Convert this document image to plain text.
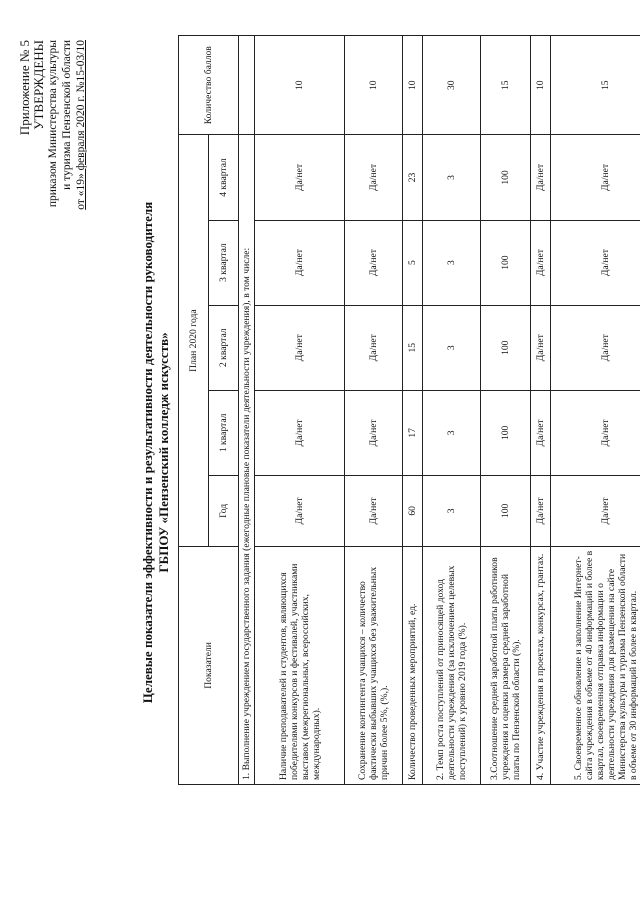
Приложение № 5 УТВЕРЖДЕНЫ приказом Министерства культуры и туризма Пензенской области от «19» февраля 2020 г. №15-03/10
Целевые показатели эффективности и результативности деятельности руководителя ГБПОУ «Пензенский колледж искусств»
Показатели	План 2020 года					Количество баллов
	Год	1 квартал	2 квартал	3 квартал	4 квартал	
1. Выполнение учреждением государственного задания (ежегодные плановые показатели деятельности учреждения), в том числе:						
Наличие преподавателей и студентов, являющихся победителями конкурсов и фестивалей, участниками выставок (межрегиональных, всероссийских, международных).	Да/нет	Да/нет	Да/нет	Да/нет	Да/нет	10
Сохранение контингента учащихся – количество фактически выбывших учащихся без уважительных причин более 5%, (%,).	Да/нет	Да/нет	Да/нет	Да/нет	Да/нет	10
Количество проведенных мероприятий, ед.	60	17	15	5	23	10
2. Темп роста поступлений от приносящей доход деятельности учреждения (за исключением целевых поступлений) к уровню 2019 года (%).	3	3	3	3	3	30
3.Соотношение средней заработной платы работников учреждения и оценки размера средней заработной платы по Пензенской области (%).	100	100	100	100	100	15
4. Участие учреждения в проектах, конкурсах, грантах.	Да/нет	Да/нет	Да/нет	Да/нет	Да/нет	10
5. Своевременное обновление и заполнение Интернет-сайта учреждения в объеме от 40 информаций и более в квартал, своевременная отправка информации о деятельности учреждения для размещения на сайте Министерства культуры и туризма Пензенской области в объеме от 30 информаций и более в квартал.	Да/нет	Да/нет	Да/нет	Да/нет	Да/нет	15
